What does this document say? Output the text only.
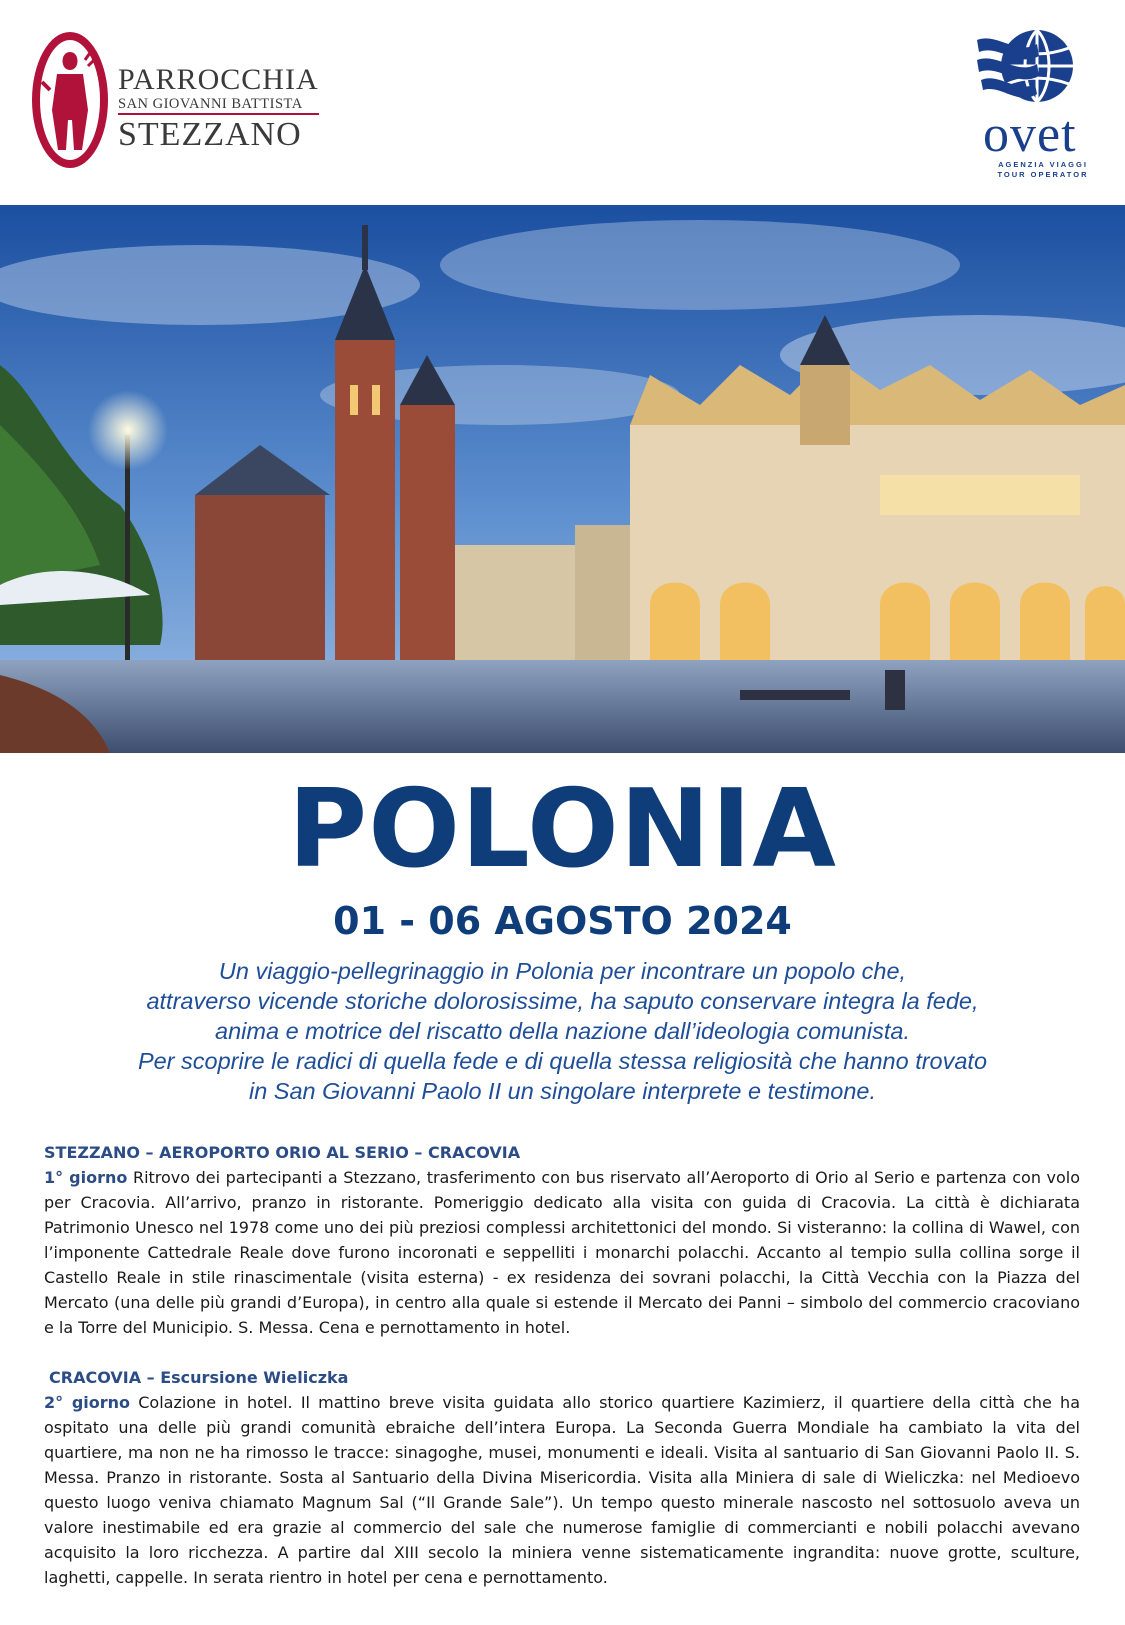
PARROCCHIA
SAN GIOVANNI BATTISTA
STEZZANO	ovet
AGENZIA VIAGGI
TOUR OPERATOR
POLONIA
01 - 06 AGOSTO 2024
Un viaggio-pellegrinaggio in Polonia per incontrare un popolo che,
attraverso vicende storiche dolorosissime, ha saputo conservare integra la fede,
anima e motrice del riscatto della nazione dall’ideologia comunista.
Per scoprire le radici di quella fede e di quella stessa religiosità che hanno trovato
in San Giovanni Paolo II un singolare interprete e testimone.
STEZZANO – AEROPORTO ORIO AL SERIO – CRACOVIA
1° giorno Ritrovo dei partecipanti a Stezzano, trasferimento con bus riservato all’Aeroporto di Orio al Serio e partenza con volo per Cracovia. All’arrivo, pranzo in ristorante. Pomeriggio dedicato alla visita con guida di Cracovia. La città è dichiarata Patrimonio Unesco nel 1978 come uno dei più preziosi complessi architettonici del mondo. Si visteranno: la collina di Wawel, con l’imponente Cattedrale Reale dove furono incoronati e seppelliti i monarchi polacchi. Accanto al tempio sulla collina sorge il Castello Reale in stile rinascimentale (visita esterna) - ex residenza dei sovrani polacchi, la Città Vecchia con la Piazza del Mercato (una delle più grandi d’Europa), in centro alla quale si estende il Mercato dei Panni – simbolo del commercio cracoviano e la Torre del Municipio. S. Messa. Cena e pernottamento in hotel.
CRACOVIA – Escursione Wieliczka
2° giorno Colazione in hotel. Il mattino breve visita guidata allo storico quartiere Kazimierz, il quartiere della città che ha ospitato una delle più grandi comunità ebraiche dell’intera Europa. La Seconda Guerra Mondiale ha cambiato la vita del quartiere, ma non ne ha rimosso le tracce: sinagoghe, musei, monumenti e ideali. Visita al santuario di San Giovanni Paolo II. S. Messa. Pranzo in ristorante. Sosta al Santuario della Divina Misericordia. Visita alla Miniera di sale di Wieliczka: nel Medioevo questo luogo veniva chiamato Magnum Sal (“Il Grande Sale”). Un tempo questo minerale nascosto nel sottosuolo aveva un valore inestimabile ed era grazie al commercio del sale che numerose famiglie di commercianti e nobili polacchi avevano acquisito la loro ricchezza. A partire dal XIII secolo la miniera venne sistematicamente ingrandita: nuove grotte, sculture, laghetti, cappelle. In serata rientro in hotel per cena e pernottamento.
